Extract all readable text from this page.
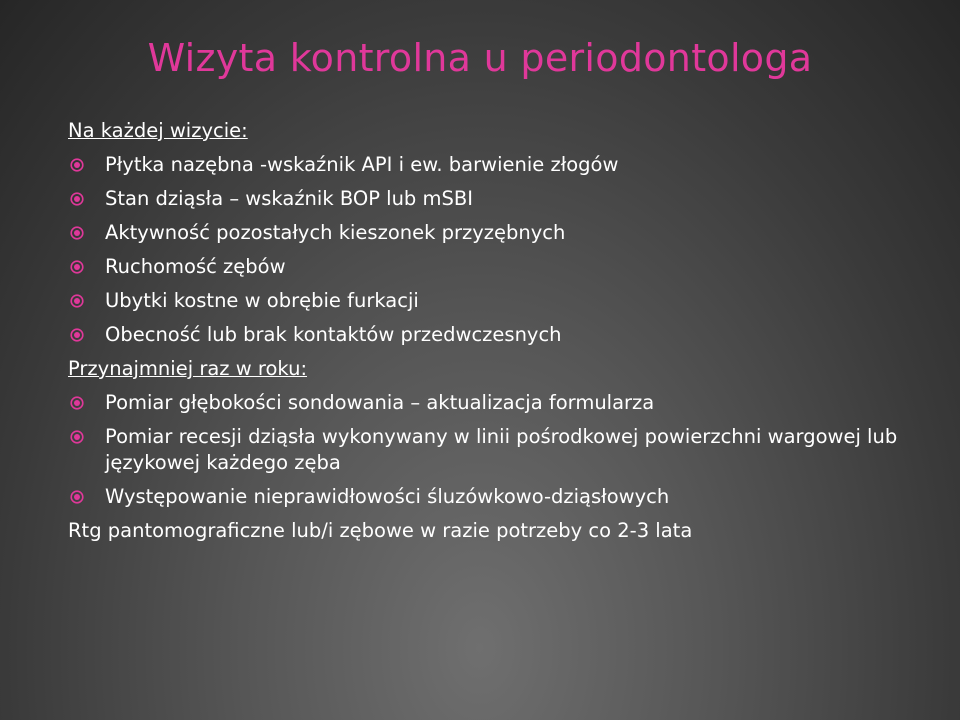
Wizyta kontrolna u periodontologa
Na każdej wizycie:
Płytka nazębna -wskaźnik API i ew. barwienie złogów
Stan dziąsła – wskaźnik BOP lub mSBI
Aktywność pozostałych kieszonek przyzębnych
Ruchomość zębów
Ubytki kostne w obrębie furkacji
Obecność lub brak kontaktów przedwczesnych
Przynajmniej raz w roku:
Pomiar głębokości sondowania – aktualizacja formularza
Pomiar recesji dziąsła wykonywany w linii pośrodkowej powierzchni wargowej lub językowej każdego zęba
Występowanie nieprawidłowości śluzówkowo-dziąsłowych
Rtg pantomograficzne lub/i zębowe w razie potrzeby co 2-3 lata
